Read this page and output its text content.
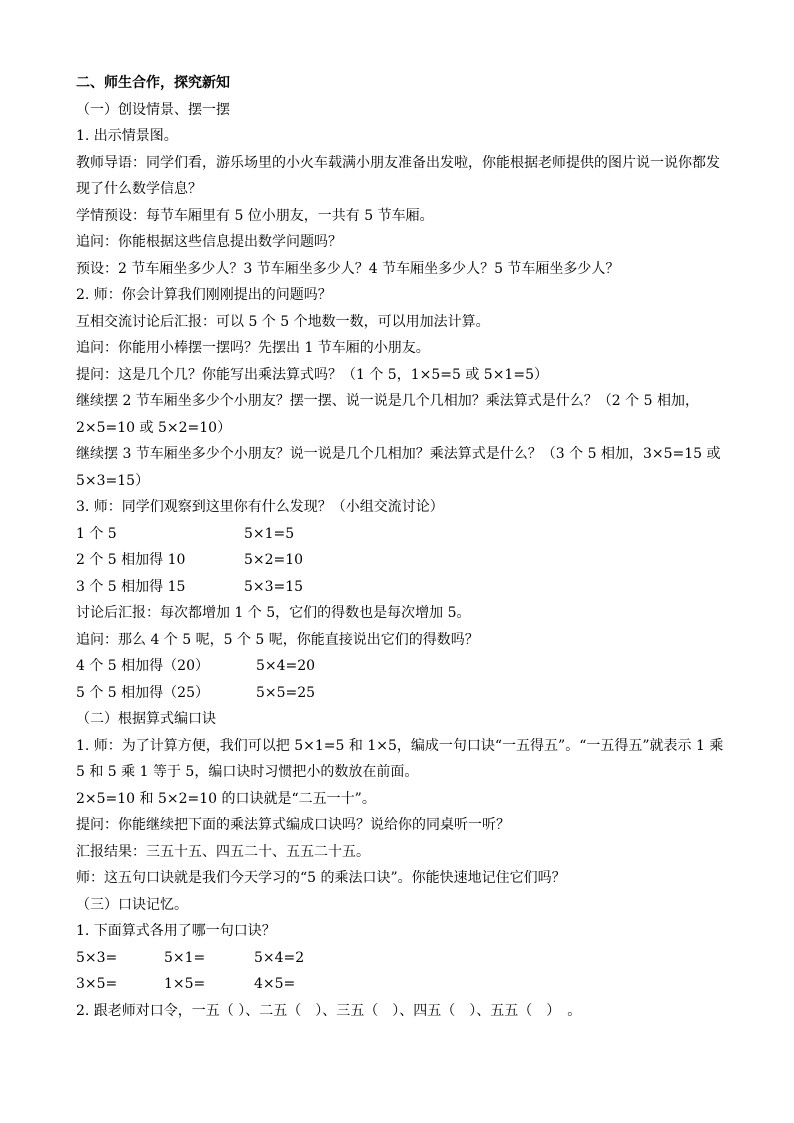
二、师生合作，探究新知
（一）创设情景、摆一摆
1. 出示情景图。
教师导语：同学们看，游乐场里的小火车载满小朋友准备出发啦，你能根据老师提供的图片说一说你都发现了什么数学信息？
学情预设：每节车厢里有 5 位小朋友，一共有 5 节车厢。
追问：你能根据这些信息提出数学问题吗？
预设：2 节车厢坐多少人？3 节车厢坐多少人？4 节车厢坐多少人？5 节车厢坐多少人？
2. 师：你会计算我们刚刚提出的问题吗？
互相交流讨论后汇报：可以 5 个 5 个地数一数，可以用加法计算。
追问：你能用小棒摆一摆吗？先摆出 1 节车厢的小朋友。
提问：这是几个几？你能写出乘法算式吗？（1 个 5，1×5=5 或 5×1=5）
继续摆 2 节车厢坐多少个小朋友？摆一摆、说一说是几个几相加？乘法算式是什么？（2 个 5 相加，2×5=10 或 5×2=10）
继续摆 3 节车厢坐多少个小朋友？说一说是几个几相加？乘法算式是什么？（3 个 5 相加，3×5=15 或 5×3=15）
3. 师：同学们观察到这里你有什么发现？（小组交流讨论）
1 个 5	5×1=5
2 个 5 相加得 10	5×2=10
3 个 5 相加得 15	5×3=15
讨论后汇报：每次都增加 1 个 5，它们的得数也是每次增加 5。
追问：那么 4 个 5 呢，5 个 5 呢，你能直接说出它们的得数吗？
4 个 5 相加得（20）	5×4=20
5 个 5 相加得（25）	5×5=25
（二）根据算式编口诀
1. 师：为了计算方便，我们可以把 5×1=5 和 1×5，编成一句口诀“一五得五”。“一五得五”就表示 1 乘 5 和 5 乘 1 等于 5，编口诀时习惯把小的数放在前面。
2×5=10 和 5×2=10 的口诀就是“二五一十”。
提问：你能继续把下面的乘法算式编成口诀吗？说给你的同桌听一听？
汇报结果：三五十五、四五二十、五五二十五。
师：这五句口诀就是我们今天学习的“5 的乘法口诀”。你能快速地记住它们吗？
（三）口诀记忆。
1. 下面算式各用了哪一句口诀？
5×3=	5×1=	5×4=2
3×5=	1×5=	4×5=
2. 跟老师对口令，一五（ ）、二五（　）、三五（　）、四五（　）、五五（　）　。
